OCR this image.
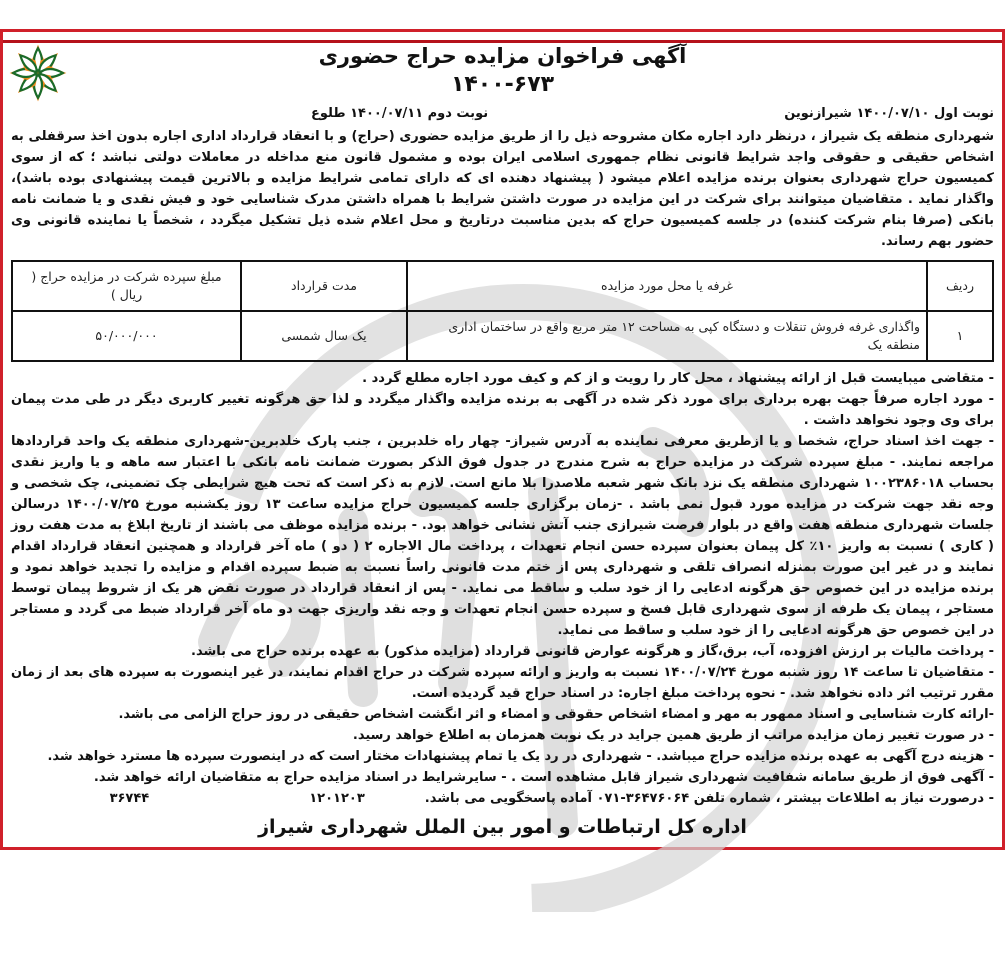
آگهی فراخوان مزایده حراج حضوری
۱۴۰۰-۶۷۳
نوبت اول ۱۴۰۰/۰۷/۱۰ شیرازنوین
نوبت دوم ۱۴۰۰/۰۷/۱۱ طلوع
شهرداری منطقه یک شیراز ، درنظر دارد اجاره مکان مشروحه ذیل را از طریق مزایده حضوری (حراج) و با انعقاد قرارداد اداری اجاره بدون اخذ سرقفلی به اشخاص حقیقی و حقوقی واجد شرایط قانونی نظام جمهوری اسلامی ایران بوده و مشمول قانون منع مداخله در معاملات دولتی نباشد ؛ که از سوی کمیسیون حراج شهرداری بعنوان برنده مزایده اعلام میشود ( پیشنهاد دهنده ای که دارای تمامی شرایط مزایده و بالاترین قیمت پیشنهادی بوده باشد)، واگذار نماید . متقاضیان میتوانند برای شرکت در این مزایده در صورت داشتن شرایط با همراه داشتن مدرک شناسایی خود و فیش نقدی و یا ضمانت نامه بانکی (صرفا بنام شرکت کننده) در جلسه کمیسیون حراج که بدین مناسبت درتاریخ و محل اعلام شده ذیل تشکیل میگردد ، شخصاً یا نماینده قانونی وی حضور بهم رساند.
ردیف	غرفه یا محل مورد مزایده	مدت قرارداد	مبلغ سپرده شرکت در مزایده حراج ( ریال )
۱	واگذاری غرفه فروش تنقلات و دستگاه کپی به مساحت ۱۲ متر مربع واقع در ساختمان اداری منطقه یک	یک سال شمسی	۵۰/۰۰۰/۰۰۰

- متقاضی میبایست قبل از ارائه پیشنهاد ، محل کار را رویت و از کم و کیف مورد اجاره مطلع گردد .

- مورد اجاره صرفاً جهت بهره برداری برای مورد ذکر شده در آگهی به برنده مزایده واگذار میگردد و لذا حق هرگونه تغییر کاربری دیگر در طی مدت پیمان برای وی وجود نخواهد داشت .

- جهت اخذ اسناد حراج، شخصا و یا ازطریق معرفی نماینده به آدرس شیراز- چهار راه خلدبرین ، جنب پارک خلدبرین-شهرداری منطقه یک واحد قراردادها مراجعه نمایند. - مبلغ سپرده شرکت در مزایده حراج به شرح مندرج در جدول فوق الذکر بصورت ضمانت نامه بانکی با اعتبار سه ماهه و یا واریز نقدی بحساب ۱۰۰۲۳۸۶۰۱۸ شهرداری منطقه یک نزد بانک شهر شعبه ملاصدرا بلا مانع است. لازم به ذکر است که تحت هیچ شرایطی چک تضمینی، چک شخصی و وجه نقد جهت شرکت در مزایده مورد قبول نمی باشد . -زمان برگزاری جلسه کمیسیون حراج مزایده ساعت ۱۳ روز یکشنبه مورخ ۱۴۰۰/۰۷/۲۵ درسالن جلسات شهرداری منطقه هفت واقع در بلوار فرصت شیرازی جنب آتش نشانی خواهد بود. - برنده مزایده موظف می باشند از تاریخ ابلاغ به مدت هفت روز ( کاری ) نسبت به واریز ۱۰٪ کل پیمان بعنوان سپرده حسن انجام تعهدات ، پرداخت مال الاجاره ۲ ( دو ) ماه آخر قرارداد و همچنین انعقاد قرارداد اقدام نمایند و در غیر این صورت بمنزله انصراف تلقی و شهرداری پس از ختم مدت قانونی راساً نسبت به ضبط سپرده اقدام و مزایده را تجدید خواهد نمود و برنده مزایده در این خصوص حق هرگونه ادعایی را از خود سلب و ساقط می نماید. - پس از انعقاد قرارداد در صورت نقض هر یک از شروط پیمان توسط مستاجر ، پیمان یک طرفه از سوی شهرداری قابل فسخ و سپرده حسن انجام تعهدات و وجه نقد واریزی جهت دو ماه آخر قرارداد ضبط می گردد و مستاجر در این خصوص حق هرگونه ادعایی را از خود سلب و ساقط می نماید.

- پرداخت مالیات بر ارزش افزوده، آب، برق،گاز و هرگونه عوارض قانونی قرارداد (مزایده مذکور) به عهده برنده حراج می باشد.

- متقاضیان تا ساعت ۱۴ روز شنبه مورخ ۱۴۰۰/۰۷/۲۴ نسبت به واریز و ارائه سپرده شرکت در حراج اقدام نمایند، در غیر اینصورت به سپرده های بعد از زمان مقرر ترتیب اثر داده نخواهد شد. - نحوه پرداخت مبلغ اجاره: در اسناد حراج قید گردیده است.

-ارائه کارت شناسایی و اسناد ممهور به مهر و امضاء اشخاص حقوقی و امضاء و اثر انگشت اشخاص حقیقی در روز حراج الزامی می باشد.

- در صورت تغییر زمان مزایده مراتب از طریق همین جراید در یک نوبت همزمان به اطلاع خواهد رسید.

- هزینه درج آگهی به عهده برنده مزایده حراج میباشد. - شهرداری در رد یک یا تمام پیشنهادات مختار است که در اینصورت سپرده ها مسترد خواهد شد.

- آگهی فوق از طریق سامانه شفافیت شهرداری شیراز قابل مشاهده است . - سایرشرایط در اسناد مزایده حراج به متقاضیان ارائه خواهد شد.

- درصورت نیاز به اطلاعات بیشتر ، شماره تلفن ۳۶۴۷۶۰۶۴-۰۷۱ آماده پاسخگویی می باشد.
۱۲۰۱۲۰۳
۳۶۷۴۴
اداره کل ارتباطات و امور بین الملل شهرداری شیراز
